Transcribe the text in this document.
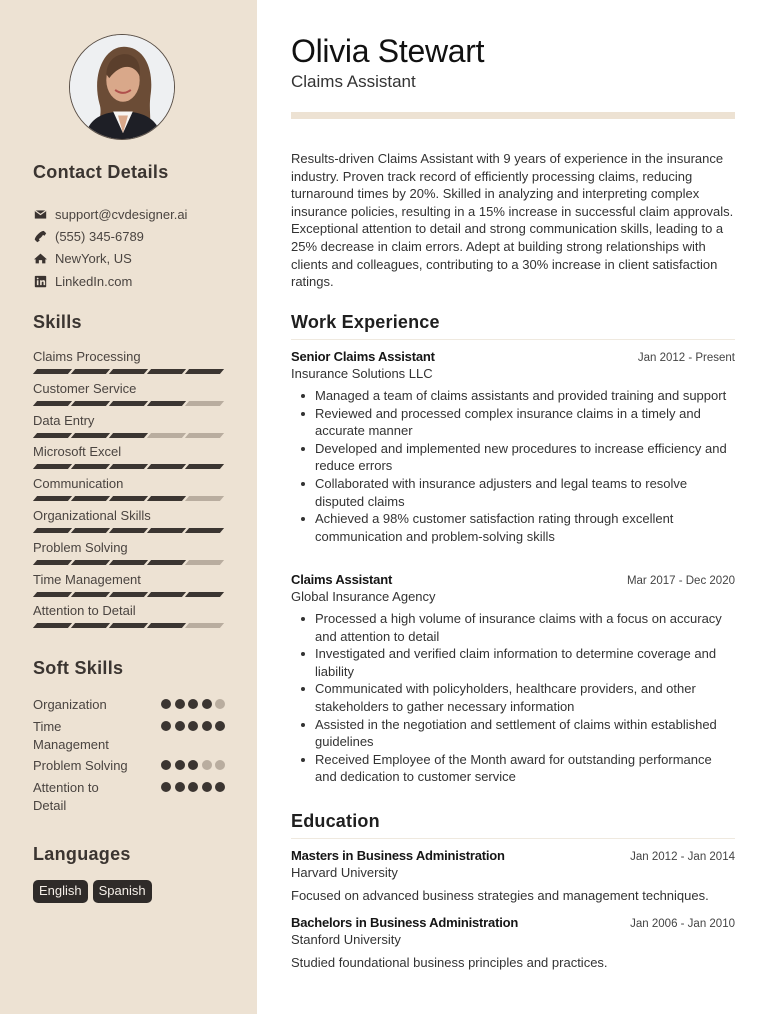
Contact Details
support@cvdesigner.ai
(555) 345-6789
NewYork, US
LinkedIn.com
Skills
Claims Processing
Customer Service
Data Entry
Microsoft Excel
Communication
Organizational Skills
Problem Solving
Time Management
Attention to Detail
Soft Skills
Organization
Time Management
Problem Solving
Attention to Detail
Languages
English	Spanish
Olivia Stewart
Claims Assistant

Results-driven Claims Assistant with 9 years of experience in the insurance industry. Proven track record of efficiently processing claims, reducing turnaround times by 20%. Skilled in analyzing and interpreting complex insurance policies, resulting in a 15% increase in successful claim approvals. Exceptional attention to detail and strong communication skills, leading to a 25% decrease in claim errors. Adept at building strong relationships with clients and colleagues, contributing to a 30% increase in client satisfaction ratings.

Work Experience
Senior Claims Assistant	Jan 2012 - Present
Insurance Solutions LLC
Managed a team of claims assistants and provided training and support
Reviewed and processed complex insurance claims in a timely and accurate manner
Developed and implemented new procedures to increase efficiency and reduce errors
Collaborated with insurance adjusters and legal teams to resolve disputed claims
Achieved a 98% customer satisfaction rating through excellent communication and problem-solving skills
Claims Assistant	Mar 2017 - Dec 2020
Global Insurance Agency
Processed a high volume of insurance claims with a focus on accuracy and attention to detail
Investigated and verified claim information to determine coverage and liability
Communicated with policyholders, healthcare providers, and other stakeholders to gather necessary information
Assisted in the negotiation and settlement of claims within established guidelines
Received Employee of the Month award for outstanding performance and dedication to customer service
Education
Masters in Business Administration	Jan 2012 - Jan 2014
Harvard University
Focused on advanced business strategies and management techniques.
Bachelors in Business Administration	Jan 2006 - Jan 2010
Stanford University
Studied foundational business principles and practices.
